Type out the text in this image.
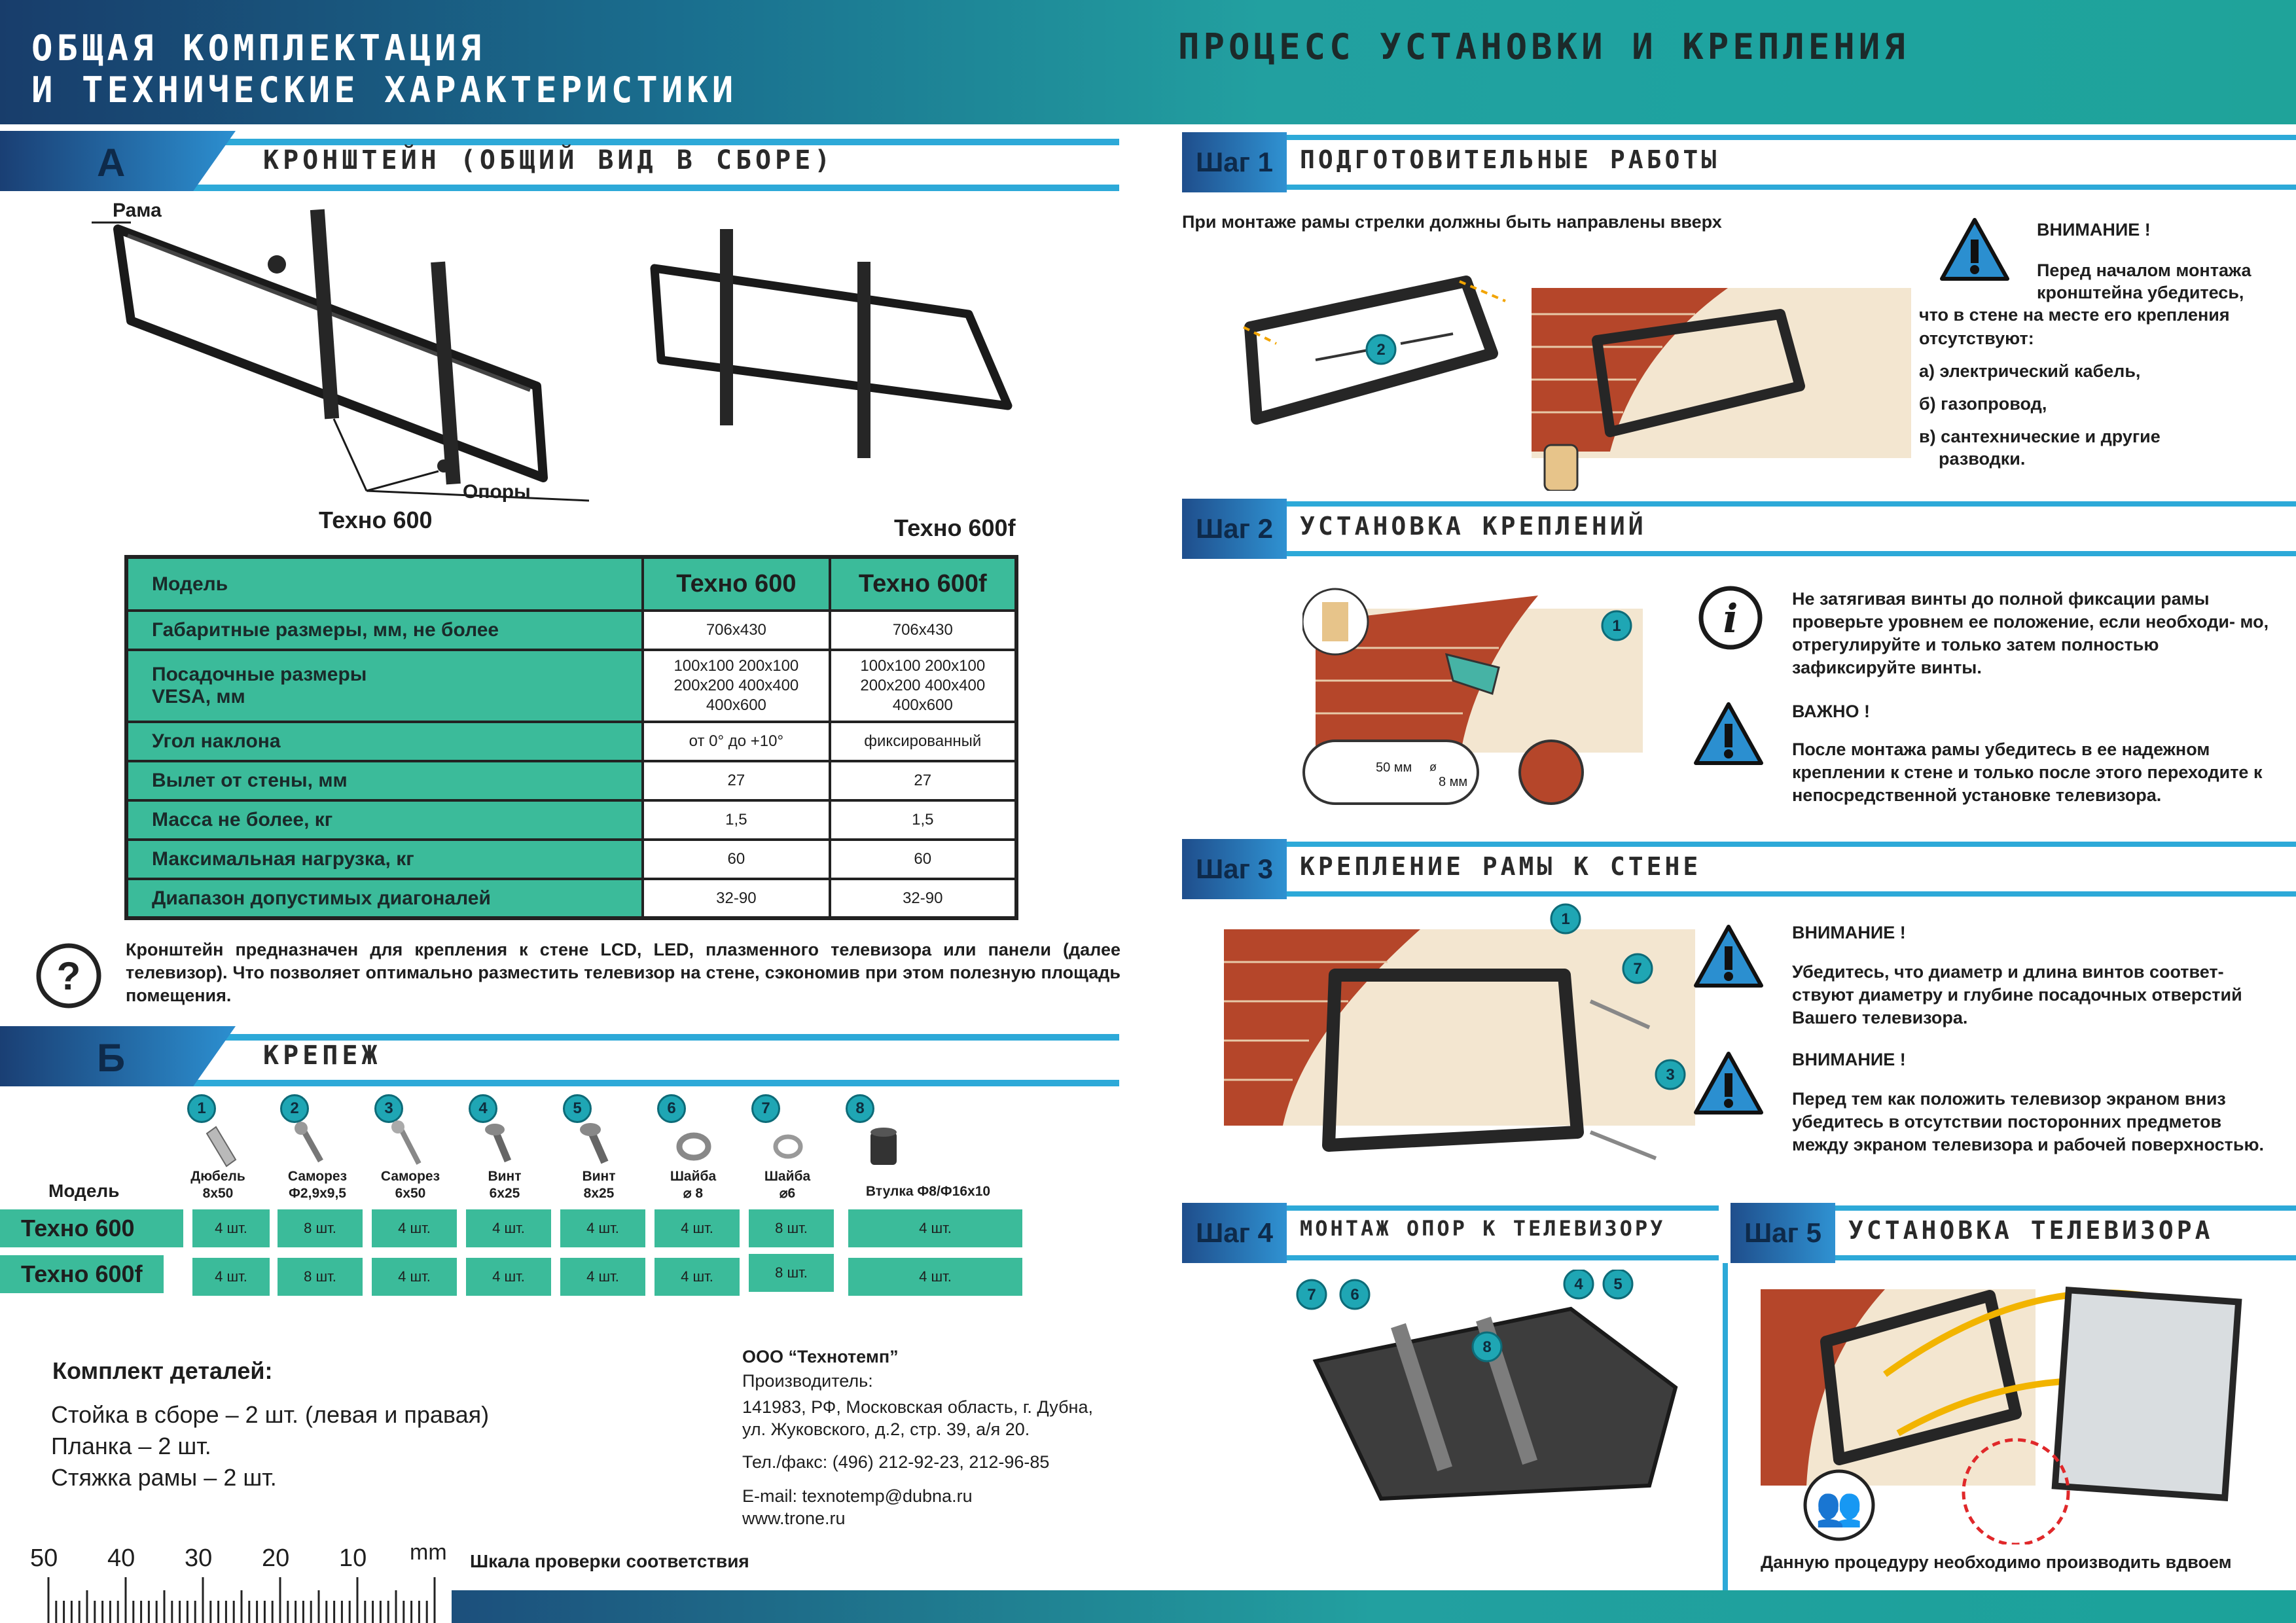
ОБЩАЯ КОМПЛЕКТАЦИЯ
И ТЕХНИЧЕСКИЕ ХАРАКТЕРИСТИКИ
ПРОЦЕСС УСТАНОВКИ И КРЕПЛЕНИЯ
А	КРОНШТЕЙН (ОБЩИЙ ВИД В СБОРЕ)
Рама
Опоры
Техно 600	Техно 600f
Модель	Техно 600	Техно 600f
Габаритные размеры, мм, не более	706x430	706x430
Посадочные размеры
VESA, мм	100x100 200x100
200x200 400x400
400x600	100x100 200x100
200x200 400x400
400x600
Угол наклона	от 0° до +10°	фиксированный
Вылет от стены, мм	27	27
Масса не более, кг	1,5	1,5
Максимальная нагрузка, кг	60	60
Диапазон допустимых диагоналей	32-90	32-90
?
Кронштейн предназначен для крепления к стене LCD, LED, плазменного телевизора или панели (далее телевизор). Что позволяет оптимально разместить телевизор на стене, сэкономив при этом полезную площадь помещения.
Б	КРЕПЕЖ
1	2	3	4	5	6	7	8
Дюбель
8x50
Саморез
Ф2,9x9,5
Саморез
6x50
Винт
6x25
Винт
8x25
Шайба
⌀ 8
Шайба
⌀6	Втулка Ф8/Ф16x10
Модель
Техно 600	4 шт.	8 шт.	4 шт.	4 шт.	4 шт.	4 шт.	8 шт.	4 шт.
Техно 600f	4 шт.	8 шт.	4 шт.	4 шт.	4 шт.	4 шт.	8 шт.	4 шт.
Комплект деталей:
Стойка в сборе – 2 шт. (левая и правая)
Планка – 2 шт.
Стяжка рамы – 2 шт.
ООО “Технотемп”
Производитель:
141983, РФ, Московская область, г. Дубна,
ул. Жуковского, д.2, стр. 39, а/я 20.
Тел./факс: (496) 212-92-23, 212-96-85
E-mail: texnotemp@dubna.ru
www.trone.ru
50 40 30 20 10 mm Шкала проверки соответствия
Шаг 1	ПОДГОТОВИТЕЛЬНЫЕ РАБОТЫ
При монтаже рамы стрелки должны быть направлены вверх
2
ВНИМАНИЕ !
Перед началом монтажа
кронштейна убедитесь,
что в стене на месте его крепления
отсутствуют:
а) электрический кабель,
б) газопровод,
в) сантехнические и другие
разводки.
Шаг 2	УСТАНОВКА КРЕПЛЕНИЙ
1
50 мм
8 мм
ø
i	Не затягивая винты до полной фиксации рамы проверьте уровнем ее положение, если необходи- мо, отрегулируйте и только затем полностью зафиксируйте винты.
ВАЖНО !
После монтажа рамы убедитесь в ее надежном креплении к стене и только после этого переходите к непосредственной установке телевизора.
Шаг 3	КРЕПЛЕНИЕ РАМЫ К СТЕНЕ
1
7
3
ВНИМАНИЕ !
Убедитесь, что диаметр и длина винтов соответ- ствуют диаметру и глубине посадочных отверстий Вашего телевизора.
ВНИМАНИЕ !
Перед тем как положить телевизор экраном вниз убедитесь в отсутствии посторонних предметов между экраном телевизора и рабочей поверхностью.
Шаг 4	МОНТАЖ ОПОР К ТЕЛЕВИЗОРУ
7 6
4 5
8
Шаг 5	УСТАНОВКА ТЕЛЕВИЗОРА
👥
Данную процедуру необходимо производить вдвоем
